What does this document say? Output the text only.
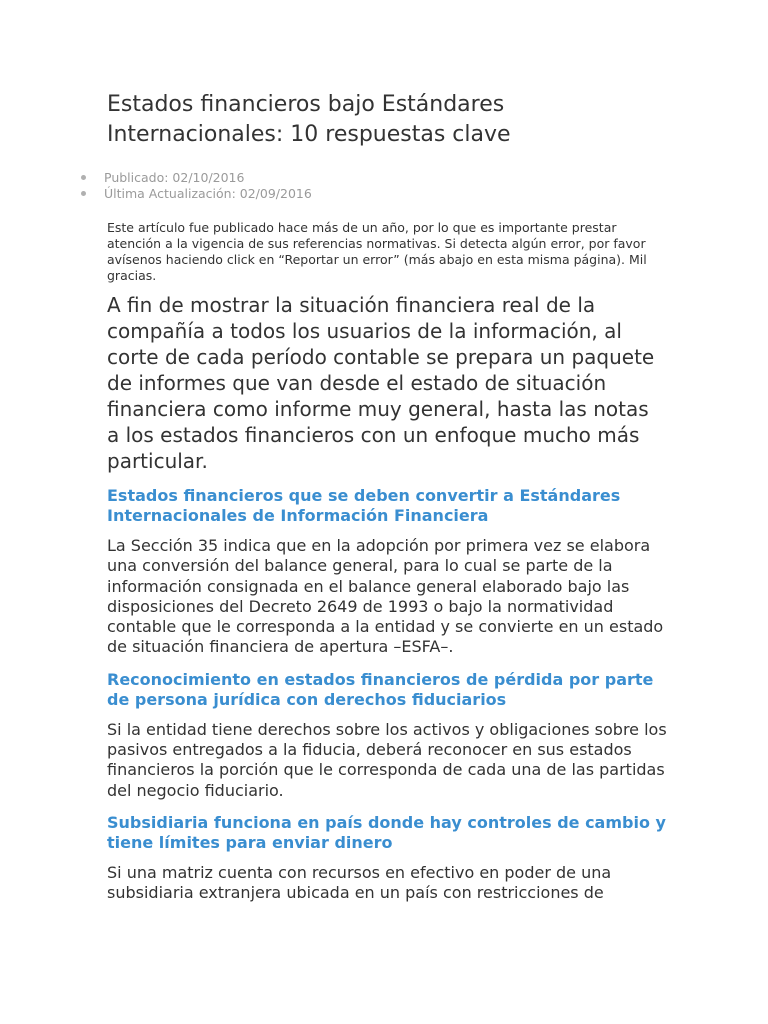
Estados financieros bajo Estándares Internacionales: 10 respuestas clave
Publicado: 02/10/2016
Última Actualización: 02/09/2016

Este artículo fue publicado hace más de un año, por lo que es importante prestar atención a la vigencia de sus referencias normativas. Si detecta algún error, por favor avísenos haciendo click en “Reportar un error” (más abajo en esta misma página). Mil gracias.

A fin de mostrar la situación financiera real de la compañía a todos los usuarios de la información, al corte de cada período contable se prepara un paquete de informes que van desde el estado de situación financiera como informe muy general, hasta las notas a los estados financieros con un enfoque mucho más particular.

Estados financieros que se deben convertir a Estándares Internacionales de Información Financiera

La Sección 35 indica que en la adopción por primera vez se elabora una conversión del balance general, para lo cual se parte de la información consignada en el balance general elaborado bajo las disposiciones del Decreto 2649 de 1993 o bajo la normatividad contable que le corresponda a la entidad y se convierte en un estado de situación financiera de apertura –ESFA–.

Reconocimiento en estados financieros de pérdida por parte de persona jurídica con derechos fiduciarios

Si la entidad tiene derechos sobre los activos y obligaciones sobre los pasivos entregados a la fiducia, deberá reconocer en sus estados financieros la porción que le corresponda de cada una de las partidas del negocio fiduciario.

Subsidiaria funciona en país donde hay controles de cambio y tiene límites para enviar dinero

Si una matriz cuenta con recursos en efectivo en poder de una subsidiaria extranjera ubicada en un país con restricciones de
